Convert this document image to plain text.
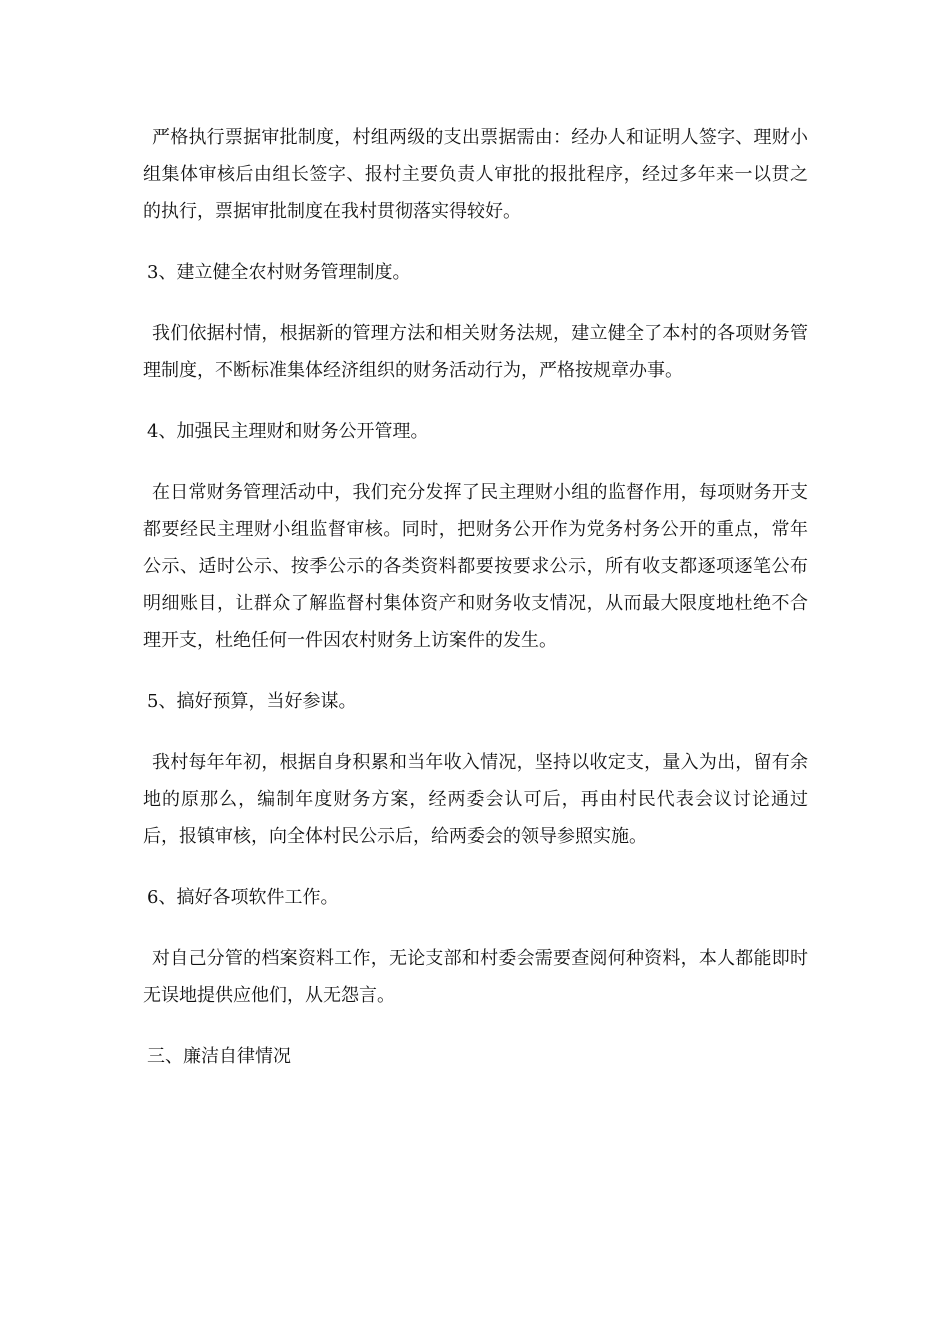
严格执行票据审批制度，村组两级的支出票据需由：经办人和证明人签字、理财小组集体审核后由组长签字、报村主要负责人审批的报批程序，经过多年来一以贯之的执行，票据审批制度在我村贯彻落实得较好。

3、建立健全农村财务管理制度。

我们依据村情，根据新的管理方法和相关财务法规，建立健全了本村的各项财务管理制度，不断标准集体经济组织的财务活动行为，严格按规章办事。

4、加强民主理财和财务公开管理。

在日常财务管理活动中，我们充分发挥了民主理财小组的监督作用，每项财务开支都要经民主理财小组监督审核。同时，把财务公开作为党务村务公开的重点，常年公示、适时公示、按季公示的各类资料都要按要求公示，所有收支都逐项逐笔公布明细账目，让群众了解监督村集体资产和财务收支情况，从而最大限度地杜绝不合理开支，杜绝任何一件因农村财务上访案件的发生。

5、搞好预算，当好参谋。

我村每年年初，根据自身积累和当年收入情况，坚持以收定支，量入为出，留有余地的原那么，编制年度财务方案，经两委会认可后，再由村民代表会议讨论通过后，报镇审核，向全体村民公示后，给两委会的领导参照实施。

6、搞好各项软件工作。

对自己分管的档案资料工作，无论支部和村委会需要查阅何种资料，本人都能即时无误地提供应他们，从无怨言。

三、廉洁自律情况
